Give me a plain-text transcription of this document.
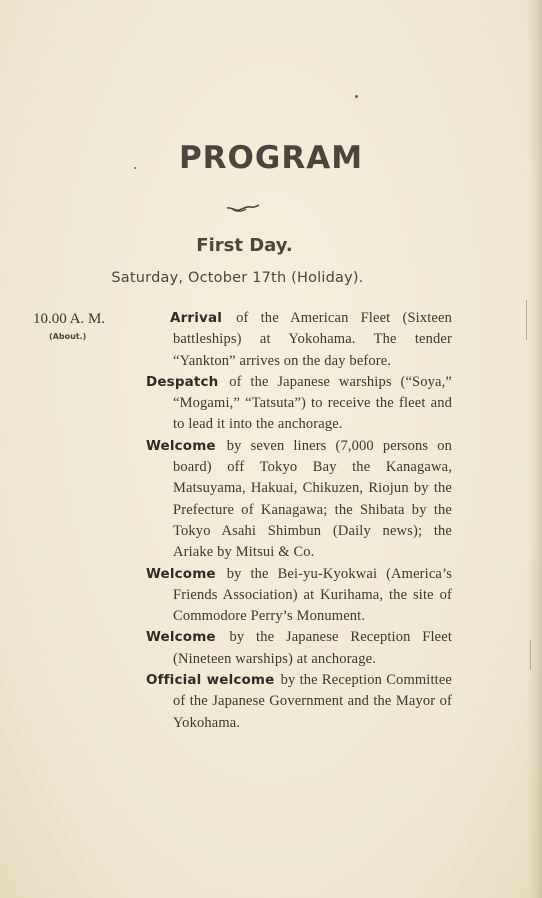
PROGRAM
First Day.
Saturday, October 17th (Holiday).
10.00 A. M.
(About.)

Arrival of the American Fleet (Sixteen battleships) at Yokohama. The tender “Yankton” arrives on the day before.

Despatch of the Japanese warships (“Soya,” “Mogami,” “Tatsuta”) to receive the fleet and to lead it into the anchorage.

Welcome by seven liners (7,000 persons on board) off Tokyo Bay the Kanagawa, Matsuyama, Hakuai, Chikuzen, Riojun by the Prefecture of Kanagawa; the Shibata by the Tokyo Asahi Shimbun (Daily news); the Ariake by Mitsui & Co.

Welcome by the Bei-yu-Kyokwai (America’s Friends Association) at Kurihama, the site of Commodore Perry’s Monument.

Welcome by the Japanese Reception Fleet (Nineteen warships) at anchorage.

Official welcome by the Reception Committee of the Japanese Government and the Mayor of Yokohama.
